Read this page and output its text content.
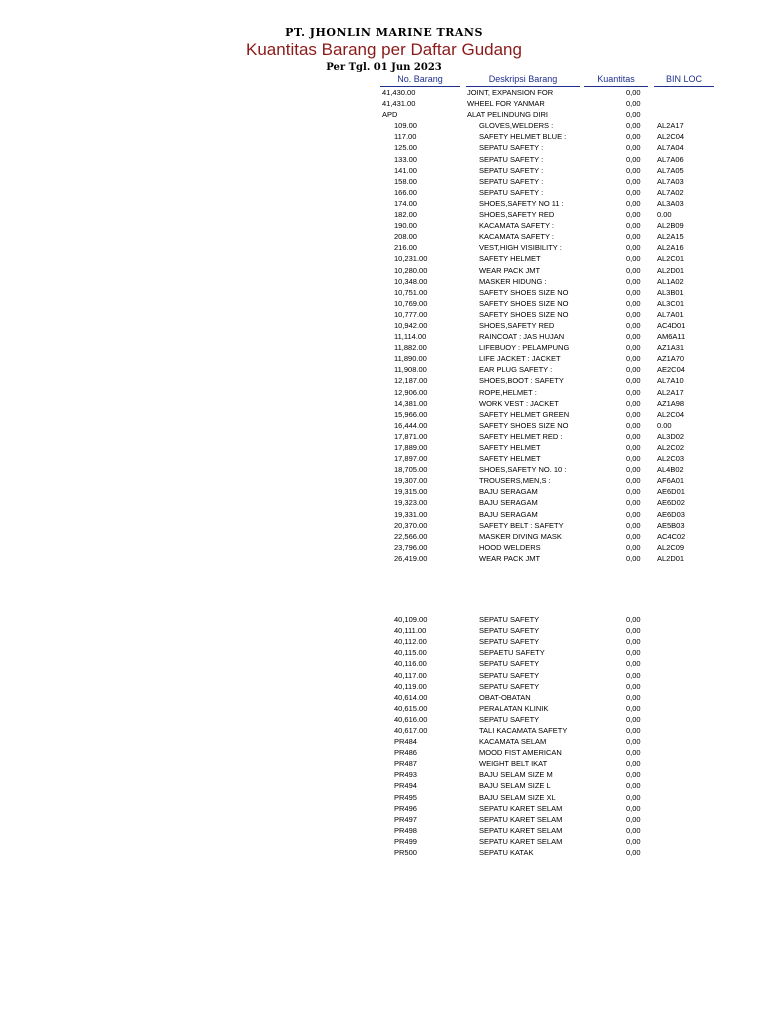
PT. JHONLIN MARINE TRANS
Kuantitas Barang per Daftar Gudang
Per Tgl. 01 Jun 2023
No. Barang	Deskripsi Barang	Kuantitas	BIN LOC
41,430.00	JOINT, EXPANSION FOR	0,00
41,431.00	WHEEL FOR YANMAR	0,00
APD	ALAT PELINDUNG DIRI	0,00
109.00	GLOVES,WELDERS :	0,00 AL2A17
117.00	SAFETY HELMET BLUE :	0,00 AL2C04
125.00	SEPATU SAFETY :	0,00 AL7A04
133.00	SEPATU SAFETY :	0,00 AL7A06
141.00	SEPATU SAFETY :	0,00 AL7A05
158.00	SEPATU SAFETY :	0,00 AL7A03
166.00	SEPATU SAFETY :	0,00 AL7A02
174.00	SHOES,SAFETY NO 11 :	0,00 AL3A03
182.00	SHOES,SAFETY RED	0,00 0.00
190.00	KACAMATA SAFETY :	0,00 AL2B09
208.00	KACAMATA SAFETY :	0,00 AL2A15
216.00	VEST,HIGH VISIBILITY :	0,00 AL2A16
10,231.00	SAFETY HELMET	0,00 AL2C01
10,280.00	WEAR PACK JMT	0,00 AL2D01
10,348.00	MASKER HIDUNG :	0,00 AL1A02
10,751.00	SAFETY SHOES SIZE NO	0,00 AL3B01
10,769.00	SAFETY SHOES SIZE NO	0,00 AL3C01
10,777.00	SAFETY SHOES SIZE NO	0,00 AL7A01
10,942.00	SHOES,SAFETY RED	0,00 AC4D01
11,114.00	RAINCOAT : JAS HUJAN	0,00 AM6A11
11,882.00	LIFEBUOY : PELAMPUNG	0,00 AZ1A31
11,890.00	LIFE JACKET : JACKET	0,00 AZ1A70
11,908.00	EAR PLUG SAFETY :	0,00 AE2C04
12,187.00	SHOES,BOOT : SAFETY	0,00 AL7A10
12,906.00	ROPE,HELMET :	0,00 AL2A17
14,381.00	WORK VEST : JACKET	0,00 AZ1A98
15,966.00	SAFETY HELMET GREEN	0,00 AL2C04
16,444.00	SAFETY SHOES SIZE NO	0,00 0.00
17,871.00	SAFETY HELMET RED :	0,00 AL3D02
17,889.00	SAFETY HELMET	0,00 AL2C02
17,897.00	SAFETY HELMET	0,00 AL2C03
18,705.00	SHOES,SAFETY NO. 10 :	0,00 AL4B02
19,307.00	TROUSERS,MEN,S :	0,00 AF6A01
19,315.00	BAJU SERAGAM	0,00 AE6D01
19,323.00	BAJU SERAGAM	0,00 AE6D02
19,331.00	BAJU SERAGAM	0,00 AE6D03
20,370.00	SAFETY BELT : SAFETY	0,00 AE5B03
22,566.00	MASKER DIVING MASK	0,00 AC4C02
23,796.00	HOOD WELDERS	0,00 AL2C09
26,419.00	WEAR PACK JMT	0,00 AL2D01
40,109.00	SEPATU SAFETY	0,00
40,111.00	SEPATU SAFETY	0,00
40,112.00	SEPATU SAFETY	0,00
40,115.00	SEPAETU SAFETY	0,00
40,116.00	SEPATU SAFETY	0,00
40,117.00	SEPATU SAFETY	0,00
40,119.00	SEPATU SAFETY	0,00
40,614.00	OBAT-OBATAN	0,00
40,615.00	PERALATAN KLINIK	0,00
40,616.00	SEPATU SAFETY	0,00
40,617.00	TALI KACAMATA SAFETY	0,00
PR484	KACAMATA SELAM	0,00
PR486	MOOD FIST AMERICAN	0,00
PR487	WEIGHT BELT IKAT	0,00
PR493	BAJU SELAM SIZE M	0,00
PR494	BAJU SELAM SIZE L	0,00
PR495	BAJU SELAM SIZE XL	0,00
PR496	SEPATU KARET SELAM	0,00
PR497	SEPATU KARET SELAM	0,00
PR498	SEPATU KARET SELAM	0,00
PR499	SEPATU KARET SELAM	0,00
PR500	SEPATU KATAK	0,00
